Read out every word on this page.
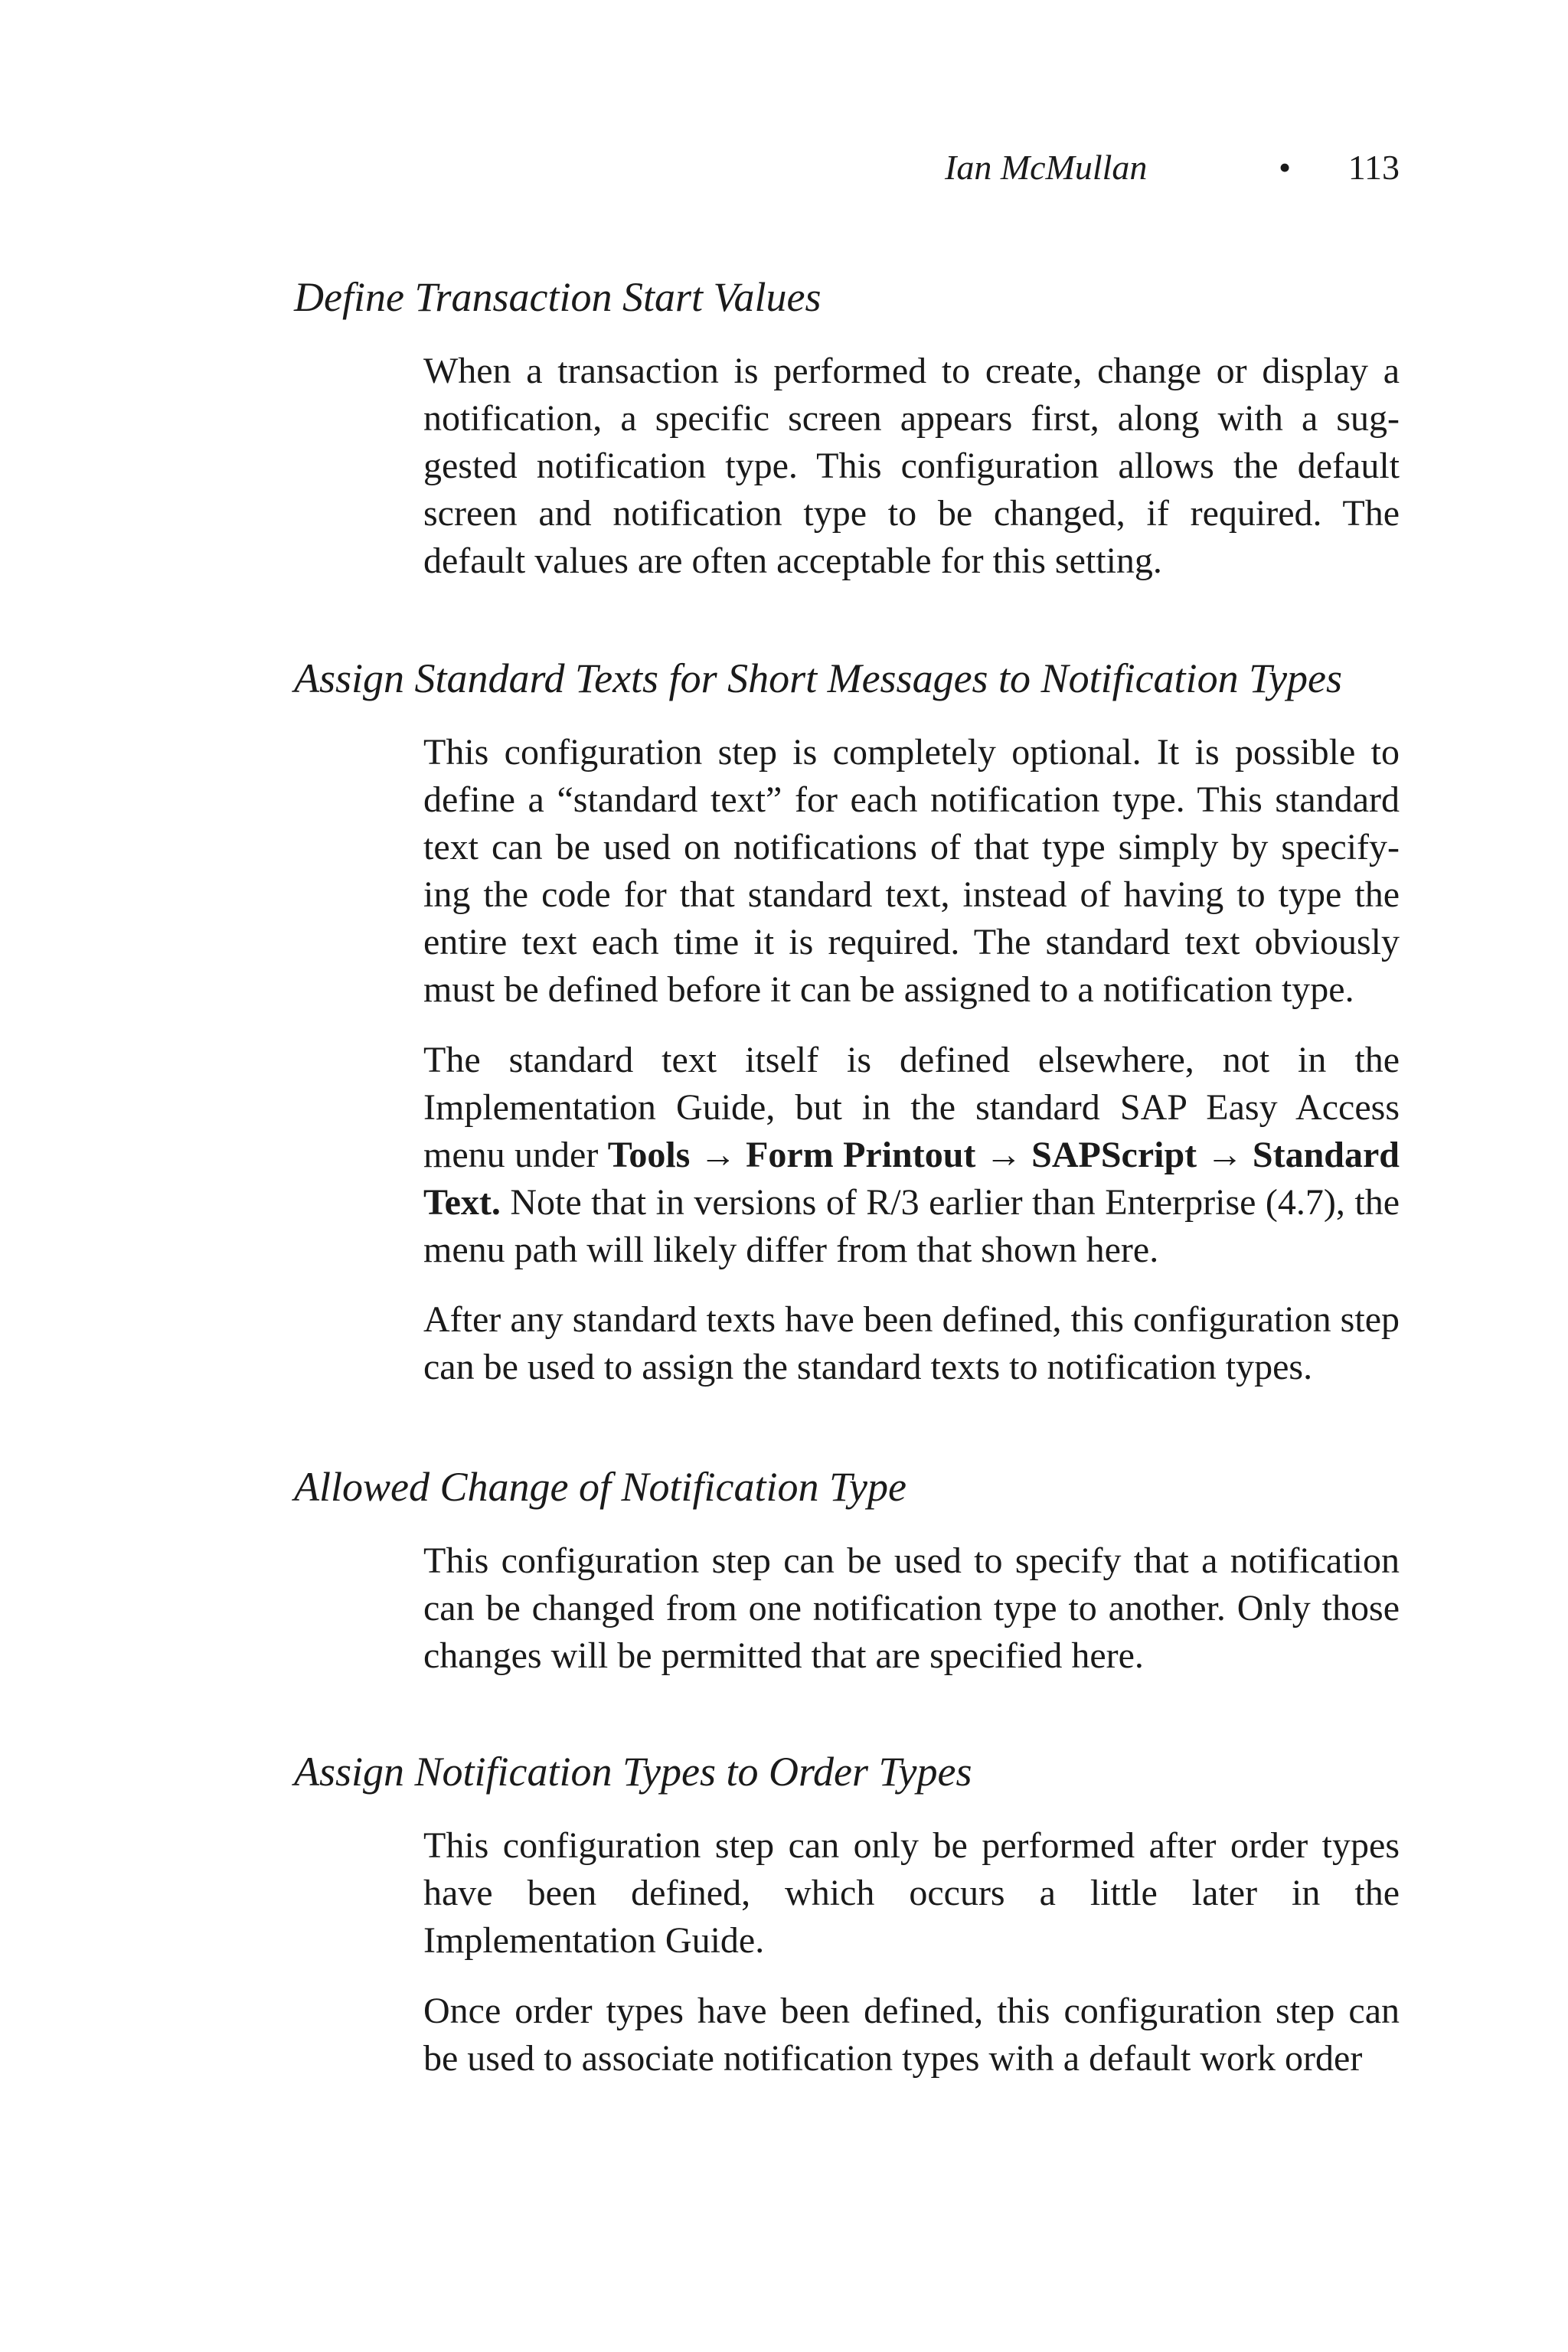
Ian McMullan	• 113
Define Transaction Start Values

When a transaction is performed to create, change or display a notification, a specific screen appears first, along with a sug-gested notification type. This configuration allows the default screen and notification type to be changed, if required. The default values are often acceptable for this setting.

Assign Standard Texts for Short Messages to Notification Types

This configuration step is completely optional. It is possible to define a “standard text” for each notification type. This standard text can be used on notifications of that type simply by specify-ing the code for that standard text, instead of having to type the entire text each time it is required. The standard text obviously must be defined before it can be assigned to a notification type.

The standard text itself is defined elsewhere, not in the Implementation Guide, but in the standard SAP Easy Access menu under Tools → Form Printout → SAPScript → Standard Text. Note that in versions of R/3 earlier than Enterprise (4.7), the menu path will likely differ from that shown here.

After any standard texts have been defined, this configuration step can be used to assign the standard texts to notification types.

Allowed Change of Notification Type

This configuration step can be used to specify that a notification can be changed from one notification type to another. Only those changes will be permitted that are specified here.

Assign Notification Types to Order Types

This configuration step can only be performed after order types have been defined, which occurs a little later in the Implementation Guide.

Once order types have been defined, this configuration step can be used to associate notification types with a default work order
